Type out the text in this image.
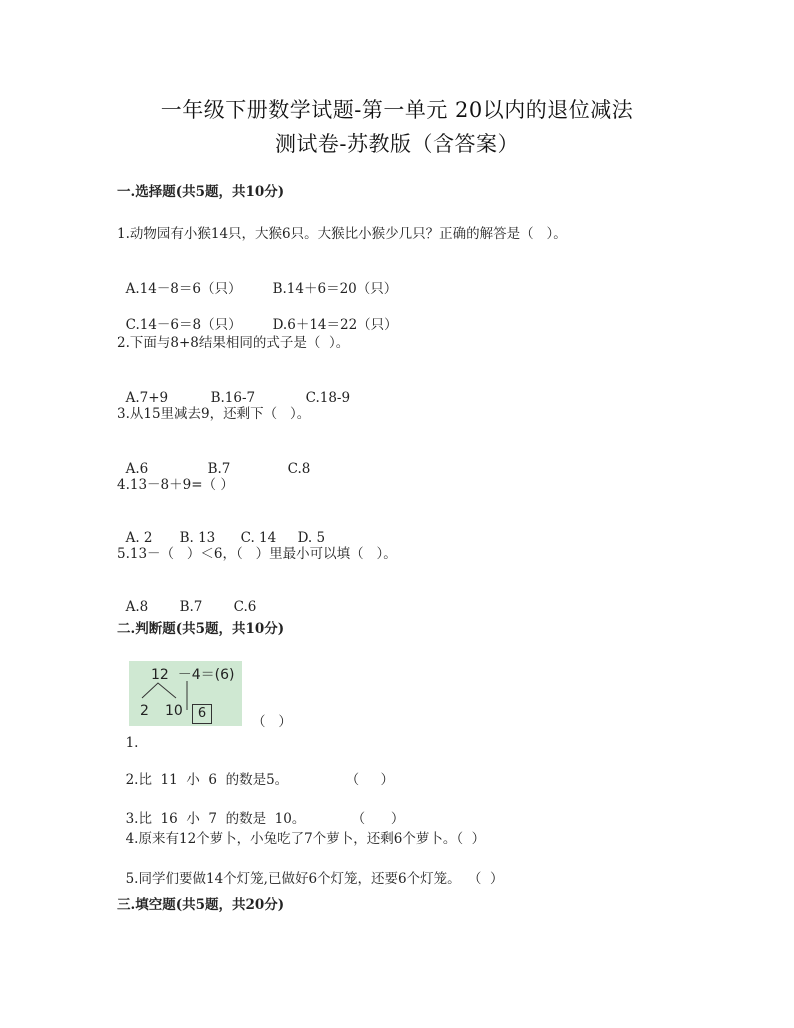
一年级下册数学试题-第一单元 20以内的退位减法
测试卷-苏教版（含答案）
一.选择题(共5题，共10分)
1.动物园有小猴14只，大猴6只。大猴比小猴少几只？正确的解答是（   ）。

A.14－8＝6（只） B.14＋6＝20（只）

C.14－6＝8（只） D.6＋14＝22（只）

2.下面与8+8结果相同的式子是（  ）。

A.7+9	B.16-7	C.18-9

3.从15里减去9，还剩下（   ）。

A.6	B.7	C.8

4.13－8＋9=（ ）

A. 2 B. 13 C. 14 D. 5

5.13－（   ）＜6，（   ）里最小可以填（   ）。

A.8 B.7 C.6

二.判断题(共5题，共10分)
12  －4＝(6)
2 10	6

1.

（   ）

2.比  11  小  6  的数是5。	（     ）

3.比  16  小  7  的数是  10。	（      ）

4.原来有12个萝卜，小兔吃了7个萝卜，还剩6个萝卜。（  ）

5.同学们要做14个灯笼,已做好6个灯笼，还要6个灯笼。 （  ）

三.填空题(共5题，共20分)
